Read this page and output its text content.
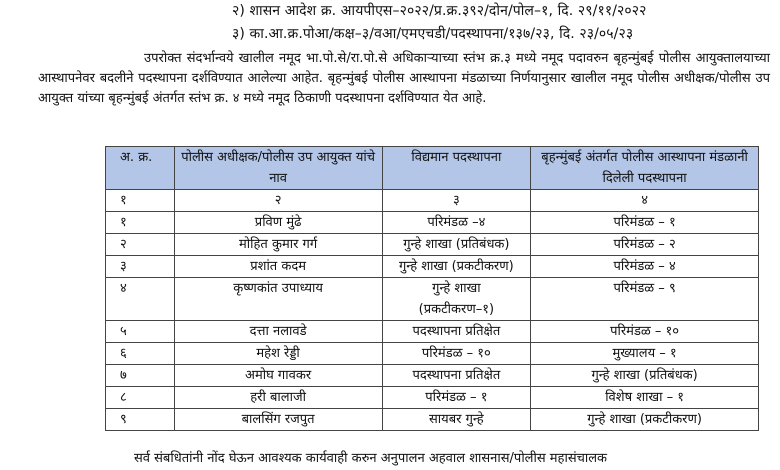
२) शासन आदेश क्र. आयपीएस–२०२२/प्र.क्र.३९२/दोन/पोल–१, दि. २९/११/२०२२
३) का.आ.क्र.पोआ/कक्ष–३/वआ/एमएचडी/पदस्थापना/१३७/२३, दि. २३/०५/२३
उपरोक्त संदर्भान्वये खालील नमूद भा.पो.से/रा.पो.से अधिकाऱ्याच्या स्तंभ क्र.३ मध्ये नमूद पदावरुन बृहन्मुंबई पोलीस आयुक्तालयाच्या आस्थापनेवर बदलीने पदस्थापना दर्शविण्यात आलेल्या आहेत. बृहन्मुंबई पोलीस आस्थापना मंडळाच्या निर्णयानुसार खालील नमूद पोलीस अधीक्षक/पोलीस उप आयुक्त यांच्या बृहन्मुंबई अंतर्गत स्तंभ क्र. ४ मध्ये नमूद ठिकाणी पदस्थापना दर्शविण्यात येत आहे.
अ. क्र.	पोलीस अधीक्षक/पोलीस उप आयुक्त यांचे नाव	विद्यमान पदस्थापना	बृहन्मुंबई अंतर्गत पोलीस आस्थापना मंडळानी दिलेली पदस्थापना
१	२	३	४
१	प्रविण मुंढे	परिमंडळ –४	परिमंडळ – १
२	मोहित कुमार गर्ग	गुन्हे शाखा (प्रतिबंधक)	परिमंडळ – २
३	प्रशांत कदम	गुन्हे शाखा (प्रकटीकरण)	परिमंडळ – ४
४	कृष्णकांत उपाध्याय	गुन्हे शाखा (प्रकटीकरण–१)	परिमंडळ – ९
५	दत्ता नलावडे	पदस्थापना प्रतिक्षेत	परिमंडळ – १०
६	महेश रेड्डी	परिमंडळ – १०	मुख्यालय – १
७	अमोघ गावकर	पदस्थापना प्रतिक्षेत	गुन्हे शाखा (प्रतिबंधक)
८	हरी बालाजी	परिमंडळ – १	विशेष शाखा – १
९	बालसिंग रजपुत	सायबर गुन्हे	गुन्हे शाखा (प्रकटीकरण)
सर्व संबधितांनी नोंद घेऊन आवश्यक कार्यवाही करुन अनुपालन अहवाल शासनास/पोलीस महासंचालक
